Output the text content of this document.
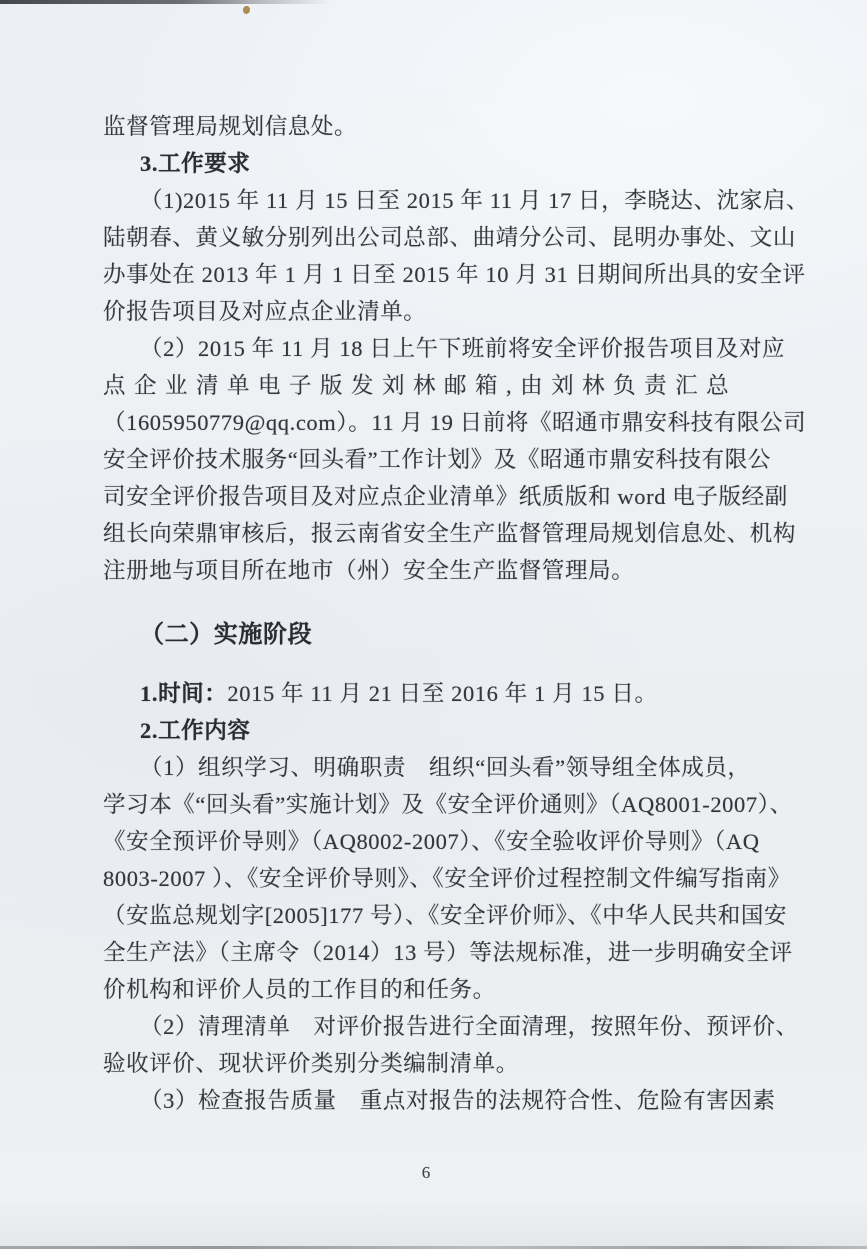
监督管理局规划信息处。
3.工作要求
（1)2015 年 11 月 15 日至 2015 年 11 月 17 日，李晓达、沈家启、
陆朝春、黄义敏分别列出公司总部、曲靖分公司、昆明办事处、文山
办事处在 2013 年 1 月 1 日至 2015 年 10 月 31 日期间所出具的安全评
价报告项目及对应点企业清单。
（2）2015 年 11 月 18 日上午下班前将安全评价报告项目及对应
点企业清单电子版发刘林邮箱,由刘林负责汇总
（1605950779@qq.com）。11 月 19 日前将《昭通市鼎安科技有限公司
安全评价技术服务“回头看”工作计划》及《昭通市鼎安科技有限公
司安全评价报告项目及对应点企业清单》纸质版和 word 电子版经副
组长向荣鼎审核后，报云南省安全生产监督管理局规划信息处、机构
注册地与项目所在地市（州）安全生产监督管理局。
（二）实施阶段
1.时间：2015 年 11 月 21 日至 2016 年 1 月 15 日。
2.工作内容
（1）组织学习、明确职责　组织“回头看”领导组全体成员，
学习本《“回头看”实施计划》及《安全评价通则》（AQ8001-2007）、
《安全预评价导则》（AQ8002-2007）、《安全验收评价导则》（AQ
8003-2007 ）、《安全评价导则》、《安全评价过程控制文件编写指南》
（安监总规划字[2005]177 号）、《安全评价师》、《中华人民共和国安
全生产法》（主席令（2014）13 号）等法规标准，进一步明确安全评
价机构和评价人员的工作目的和任务。
（2）清理清单　对评价报告进行全面清理，按照年份、预评价、
验收评价、现状评价类别分类编制清单。
（3）检查报告质量　重点对报告的法规符合性、危险有害因素
6
